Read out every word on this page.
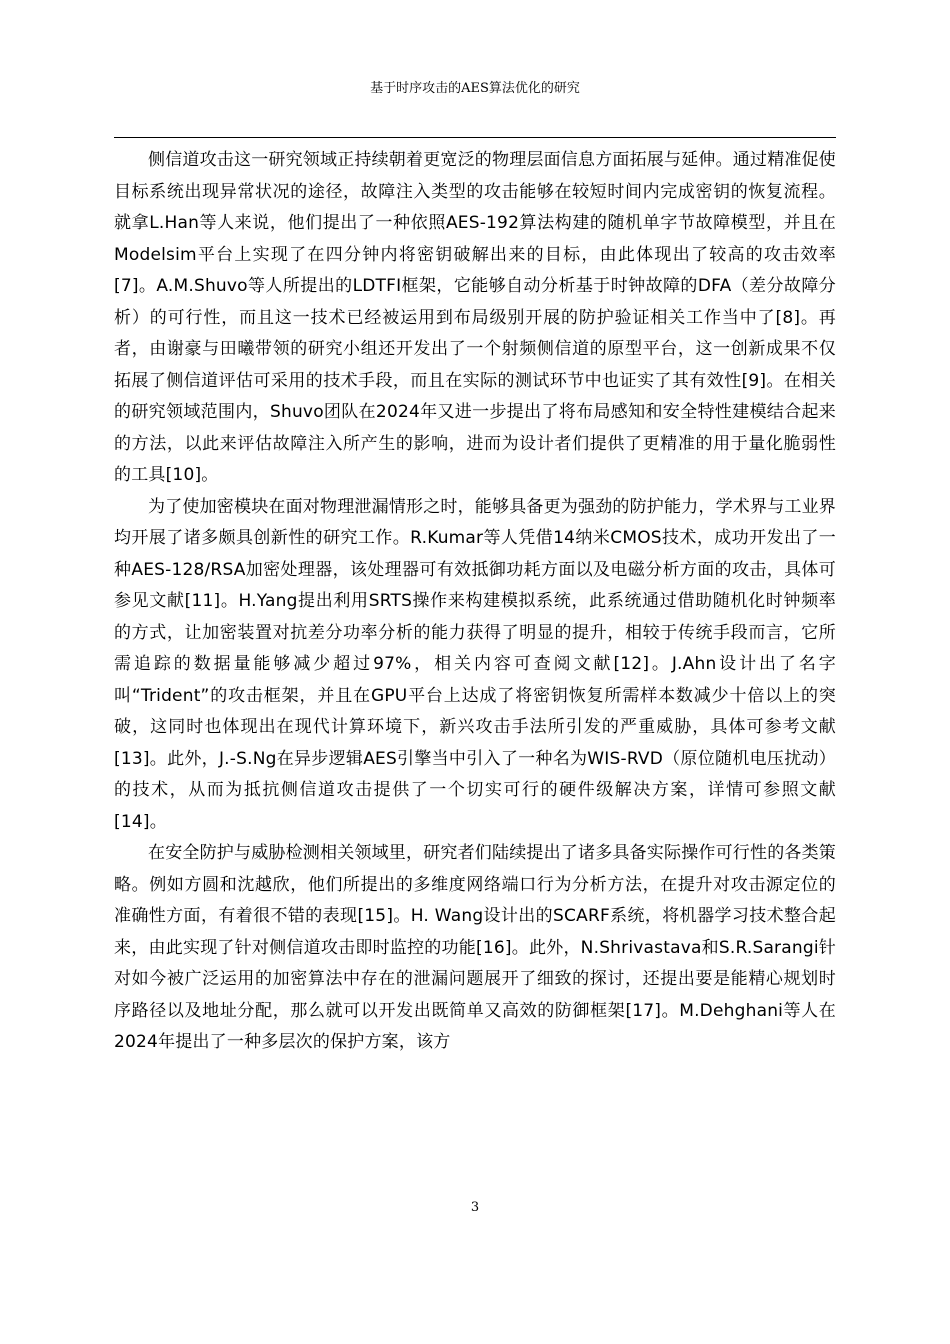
基于时序攻击的AES算法优化的研究

侧信道攻击这一研究领域正持续朝着更宽泛的物理层面信息方面拓展与延伸。通过精准促使目标系统出现异常状况的途径，故障注入类型的攻击能够在较短时间内完成密钥的恢复流程。就拿L.Han等人来说，他们提出了一种依照AES-192算法构建的随机单字节故障模型，并且在Modelsim平台上实现了在四分钟内将密钥破解出来的目标，由此体现出了较高的攻击效率[7]。A.M.Shuvo等人所提出的LDTFI框架，它能够自动分析基于时钟故障的DFA（差分故障分析）的可行性，而且这一技术已经被运用到布局级别开展的防护验证相关工作当中了[8]。再者，由谢豪与田曦带领的研究小组还开发出了一个射频侧信道的原型平台，这一创新成果不仅拓展了侧信道评估可采用的技术手段，而且在实际的测试环节中也证实了其有效性[9]。在相关的研究领域范围内，Shuvo团队在2024年又进一步提出了将布局感知和安全特性建模结合起来的方法，以此来评估故障注入所产生的影响，进而为设计者们提供了更精准的用于量化脆弱性的工具[10]。

为了使加密模块在面对物理泄漏情形之时，能够具备更为强劲的防护能力，学术界与工业界均开展了诸多颇具创新性的研究工作。R.Kumar等人凭借14纳米CMOS技术，成功开发出了一种AES-128/RSA加密处理器，该处理器可有效抵御功耗方面以及电磁分析方面的攻击，具体可参见文献[11]。H.Yang提出利用SRTS操作来构建模拟系统，此系统通过借助随机化时钟频率的方式，让加密装置对抗差分功率分析的能力获得了明显的提升，相较于传统手段而言，它所需追踪的数据量能够减少超过97%，相关内容可查阅文献[12]。J.Ahn设计出了名字叫“Trident”的攻击框架，并且在GPU平台上达成了将密钥恢复所需样本数减少十倍以上的突破，这同时也体现出在现代计算环境下，新兴攻击手法所引发的严重威胁，具体可参考文献[13]。此外，J.-S.Ng在异步逻辑AES引擎当中引入了一种名为WIS-RVD（原位随机电压扰动）的技术，从而为抵抗侧信道攻击提供了一个切实可行的硬件级解决方案，详情可参照文献[14]。

在安全防护与威胁检测相关领域里，研究者们陆续提出了诸多具备实际操作可行性的各类策略。例如方圆和沈越欣，他们所提出的多维度网络端口行为分析方法，在提升对攻击源定位的准确性方面，有着很不错的表现[15]。H. Wang设计出的SCARF系统，将机器学习技术整合起来，由此实现了针对侧信道攻击即时监控的功能[16]。此外，N.Shrivastava和S.R.Sarangi针对如今被广泛运用的加密算法中存在的泄漏问题展开了细致的探讨，还提出要是能精心规划时序路径以及地址分配，那么就可以开发出既简单又高效的防御框架[17]。M.Dehghani等人在2024年提出了一种多层次的保护方案，该方

3
